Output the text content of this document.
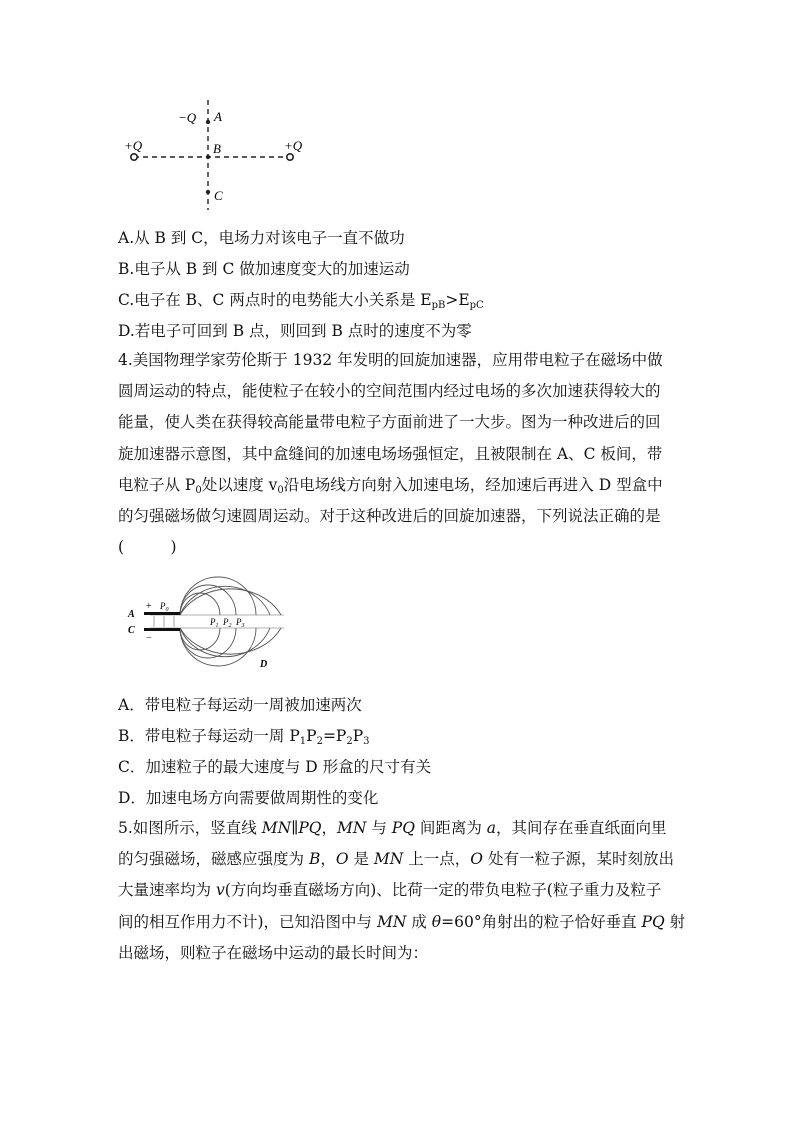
+Q	+Q
−Q A
B
C
A.从 B 到 C，电场力对该电子一直不做功
B.电子从 B 到 C 做加速度变大的加速运动
C.电子在 B、C 两点时的电势能大小关系是 $E_{pB}>E_{pC}$
D.若电子可回到 B 点，则回到 B 点时的速度不为零
4.美国物理学家劳伦斯于 1932 年发明的回旋加速器，应用带电粒子在磁场中做
圆周运动的特点，能使粒子在较小的空间范围内经过电场的多次加速获得较大的
能量，使人类在获得较高能量带电粒子方面前进了一大步。图为一种改进后的回
旋加速器示意图，其中盒缝间的加速电场场强恒定，且被限制在 A、C 板间，带
电粒子从 $P_0$处以速度 $v_0$沿电场线方向射入加速电场，经加速后再进入 D 型盒中
的匀强磁场做匀速圆周运动。对于这种改进后的回旋加速器，下列说法正确的是
(　　　)
A
C
+
−
$P_0$
$P_1$ $P_2$ $P_3$
D
A．带电粒子每运动一周被加速两次
B．带电粒子每运动一周 $P_1P_2=P_2P_3$
C．加速粒子的最大速度与 D 形盒的尺寸有关
D．加速电场方向需要做周期性的变化
5.如图所示，竖直线 MN∥PQ，MN 与 PQ 间距离为 a，其间存在垂直纸面向里
的匀强磁场，磁感应强度为 B，O 是 MN 上一点，O 处有一粒子源，某时刻放出
大量速率均为 v(方向均垂直磁场方向)、比荷一定的带负电粒子(粒子重力及粒子
间的相互作用力不计)，已知沿图中与 MN 成 θ=60°角射出的粒子恰好垂直 PQ 射
出磁场，则粒子在磁场中运动的最长时间为：
